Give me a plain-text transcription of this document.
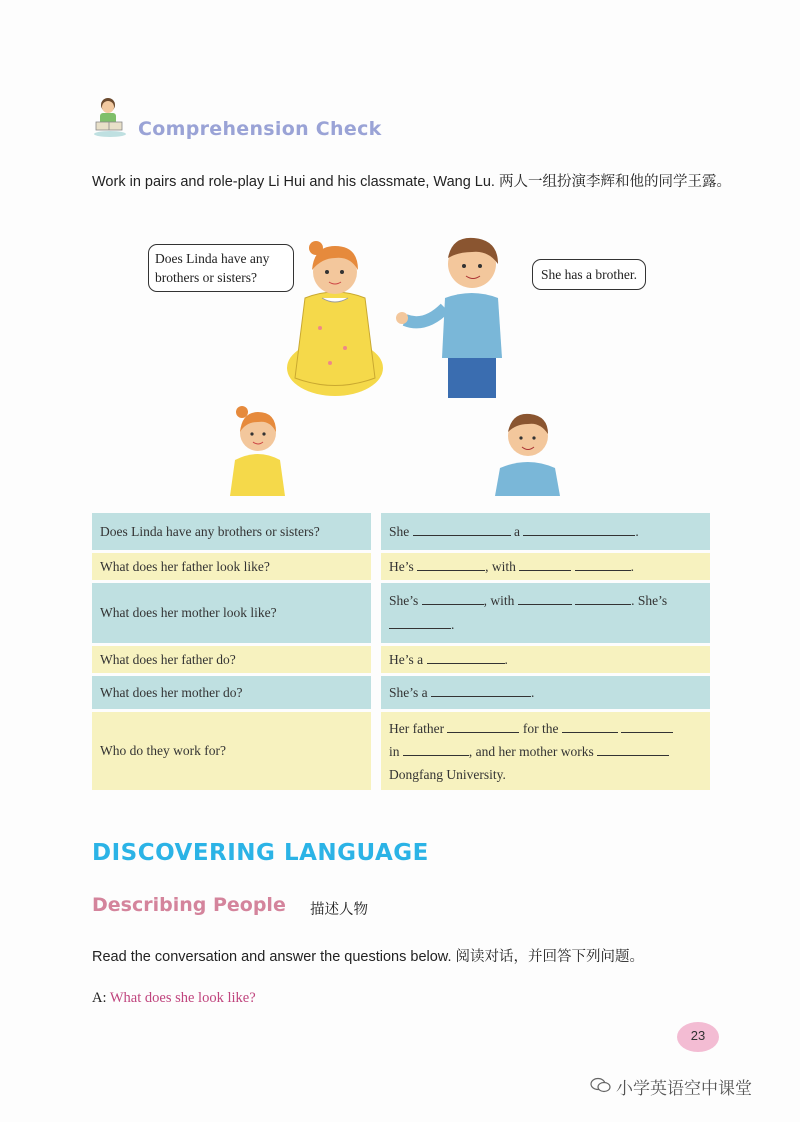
Comprehension Check
Work in pairs and role-play Li Hui and his classmate, Wang Lu. 两人一组扮演李辉和他的同学王露。
Does Linda have any brothers or sisters?	She has a brother.
Does Linda have any brothers or sisters?		She a .
What does her father look like?		He’s , with .
What does her mother look like?		She’s , with . She’s
.
What does her father do?		He’s a .
What does her mother do?		She’s a .
Who do they work for?		Her father for the
in , and her mother works
Dongfang University.
DISCOVERING LANGUAGE
Describing People 描述人物
Read the conversation and answer the questions below. 阅读对话，并回答下列问题。
A: What does she look like?
23
小学英语空中课堂
